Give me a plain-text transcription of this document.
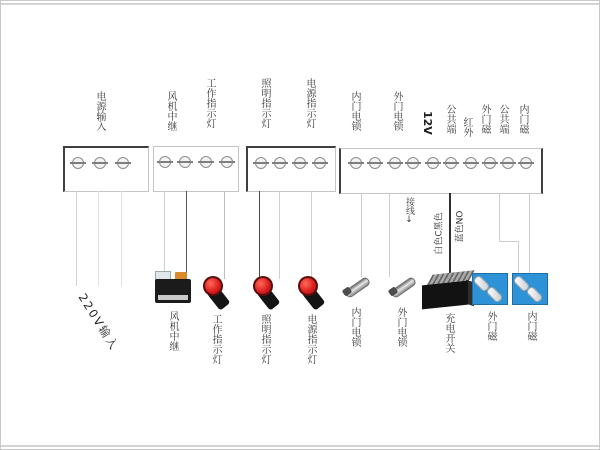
电源输入	风机中继	工作指示灯	照明指示灯	电源指示灯	内门电锁	外门电锁 12V	公共端 红外 外门磁 公共端 内门磁
接线↓
白色C黑色	蓝色NO
风机中继	工作指示灯	照明指示灯	电源指示灯	内门电锁	外门电锁	充电开关	外门磁	内门磁
220V输入
